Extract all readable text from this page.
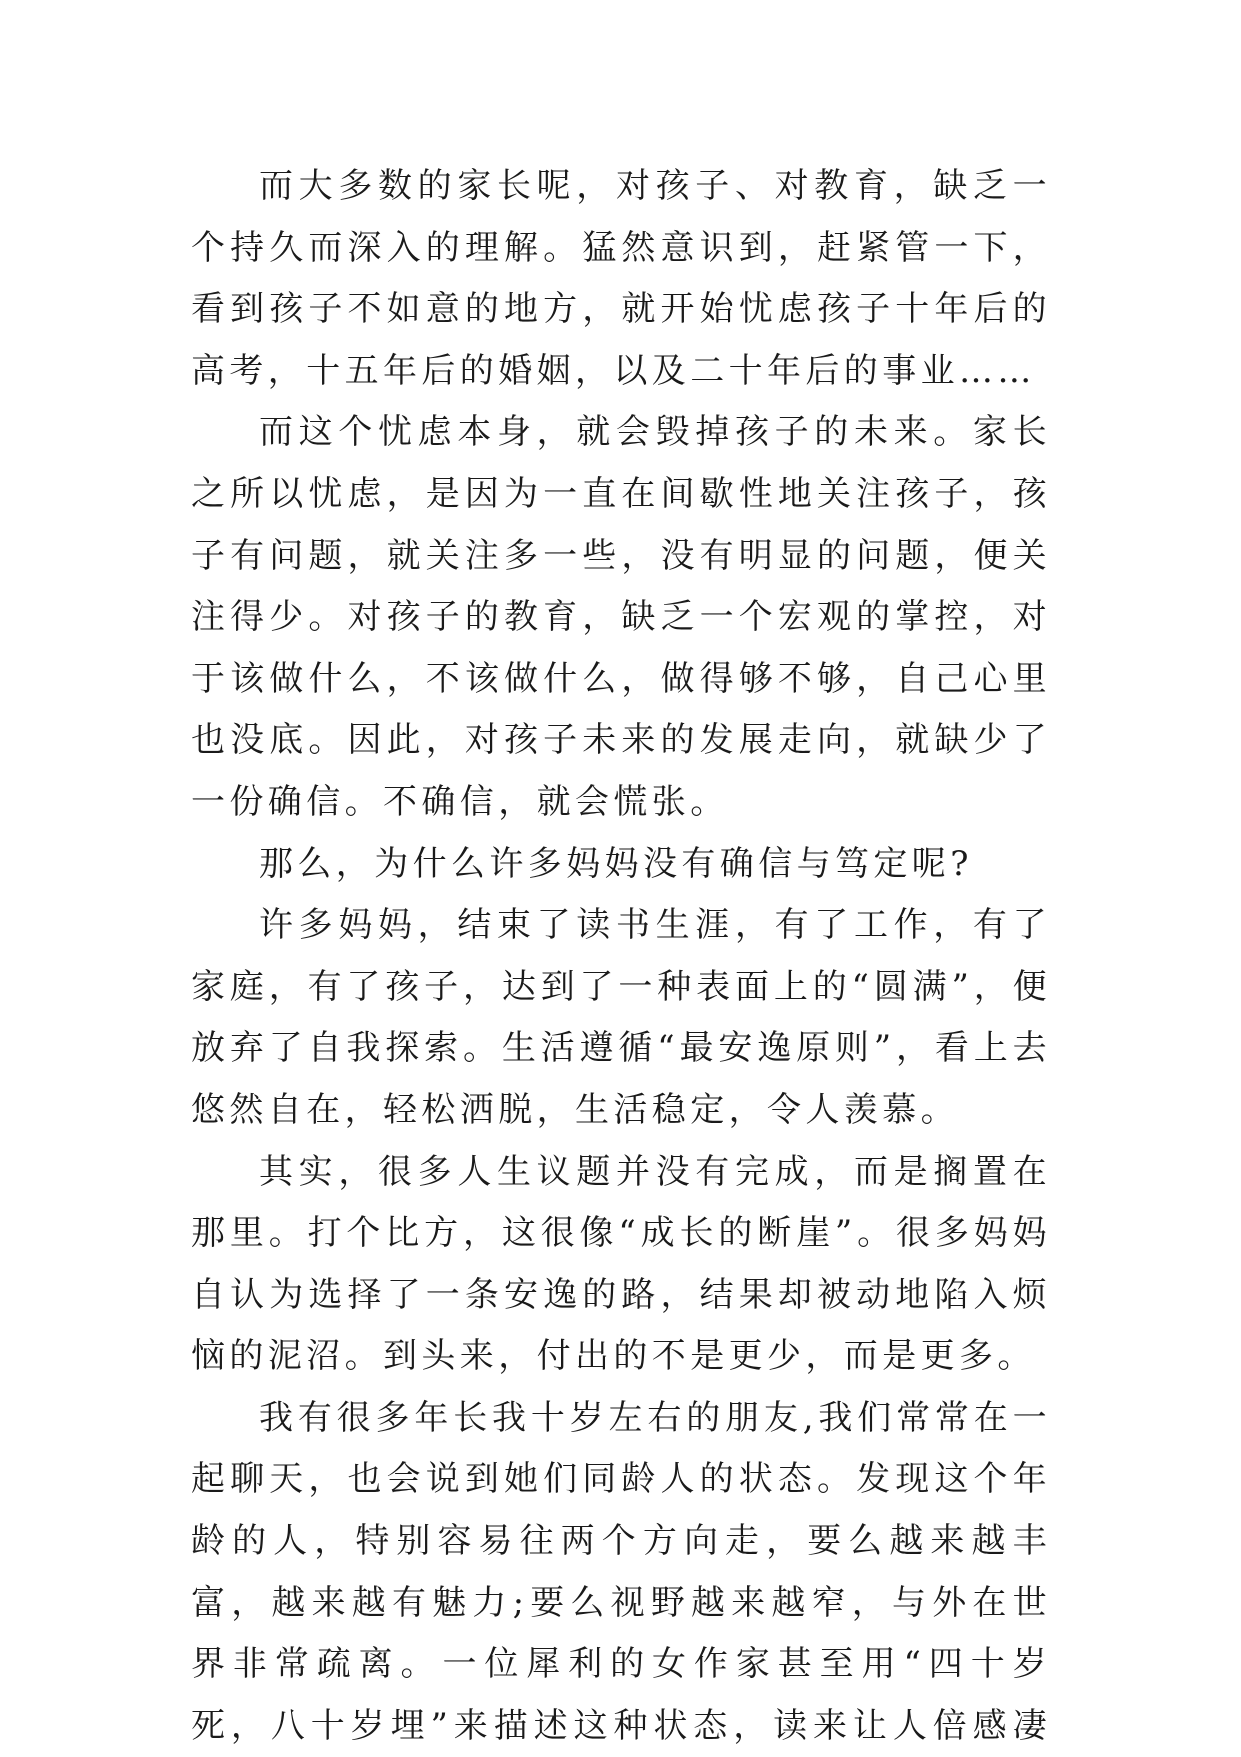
而大多数的家长呢，对孩子、对教育，缺乏一个持久而深入的理解。猛然意识到，赶紧管一下，看到孩子不如意的地方，就开始忧虑孩子十年后的高考，十五年后的婚姻，以及二十年后的事业……

而这个忧虑本身，就会毁掉孩子的未来。家长之所以忧虑，是因为一直在间歇性地关注孩子，孩子有问题，就关注多一些，没有明显的问题，便关注得少。对孩子的教育，缺乏一个宏观的掌控，对于该做什么，不该做什么，做得够不够，自己心里也没底。因此，对孩子未来的发展走向，就缺少了一份确信。不确信，就会慌张。

那么，为什么许多妈妈没有确信与笃定呢?

许多妈妈，结束了读书生涯，有了工作，有了家庭，有了孩子，达到了一种表面上的“圆满”，便放弃了自我探索。生活遵循“最安逸原则”，看上去悠然自在，轻松洒脱，生活稳定，令人羡慕。

其实，很多人生议题并没有完成，而是搁置在那里。打个比方，这很像“成长的断崖”。很多妈妈自认为选择了一条安逸的路，结果却被动地陷入烦恼的泥沼。到头来，付出的不是更少，而是更多。

我有很多年长我十岁左右的朋友,我们常常在一起聊天，也会说到她们同龄人的状态。发现这个年龄的人，特别容易往两个方向走，要么越来越丰富，越来越有魅力;要么视野越来越窄，与外在世界非常疏离。一位犀利的女作家甚至用“四十岁死，八十岁埋”来描述这种状态，读来让人倍感凄
